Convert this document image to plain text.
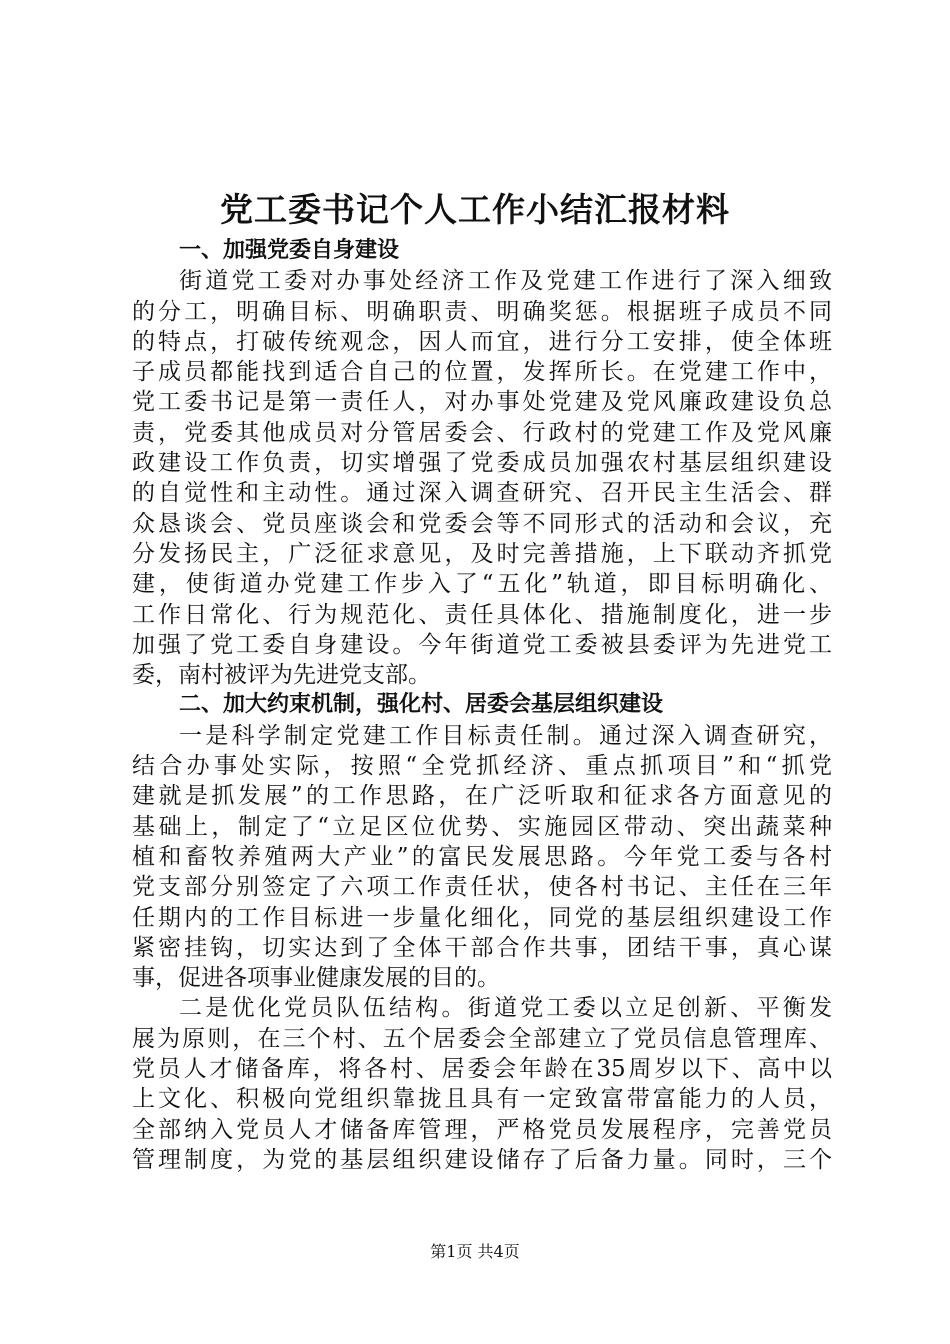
党工委书记个人工作小结汇报材料
一、加强党委自身建设
街道党工委对办事处经济工作及党建工作进行了深入细致
的分工，明确目标、明确职责、明确奖惩。根据班子成员不同
的特点，打破传统观念，因人而宜，进行分工安排，使全体班
子成员都能找到适合自己的位置，发挥所长。在党建工作中，
党工委书记是第一责任人，对办事处党建及党风廉政建设负总
责，党委其他成员对分管居委会、行政村的党建工作及党风廉
政建设工作负责，切实增强了党委成员加强农村基层组织建设
的自觉性和主动性。通过深入调查研究、召开民主生活会、群
众恳谈会、党员座谈会和党委会等不同形式的活动和会议，充
分发扬民主，广泛征求意见，及时完善措施，上下联动齐抓党
建，使街道办党建工作步入了“五化”轨道，即目标明确化、
工作日常化、行为规范化、责任具体化、措施制度化，进一步
加强了党工委自身建设。今年街道党工委被县委评为先进党工
委，南村被评为先进党支部。
二、加大约束机制，强化村、居委会基层组织建设
一是科学制定党建工作目标责任制。通过深入调查研究，
结合办事处实际，按照“全党抓经济、重点抓项目”和“抓党
建就是抓发展”的工作思路，在广泛听取和征求各方面意见的
基础上，制定了“立足区位优势、实施园区带动、突出蔬菜种
植和畜牧养殖两大产业”的富民发展思路。今年党工委与各村
党支部分别签定了六项工作责任状，使各村书记、主任在三年
任期内的工作目标进一步量化细化，同党的基层组织建设工作
紧密挂钩，切实达到了全体干部合作共事，团结干事，真心谋
事，促进各项事业健康发展的目的。
二是优化党员队伍结构。街道党工委以立足创新、平衡发
展为原则，在三个村、五个居委会全部建立了党员信息管理库、
党员人才储备库，将各村、居委会年龄在35周岁以下、高中以
上文化、积极向党组织靠拢且具有一定致富带富能力的人员，
全部纳入党员人才储备库管理，严格党员发展程序，完善党员
管理制度，为党的基层组织建设储存了后备力量。同时，三个
第1页 共4页
